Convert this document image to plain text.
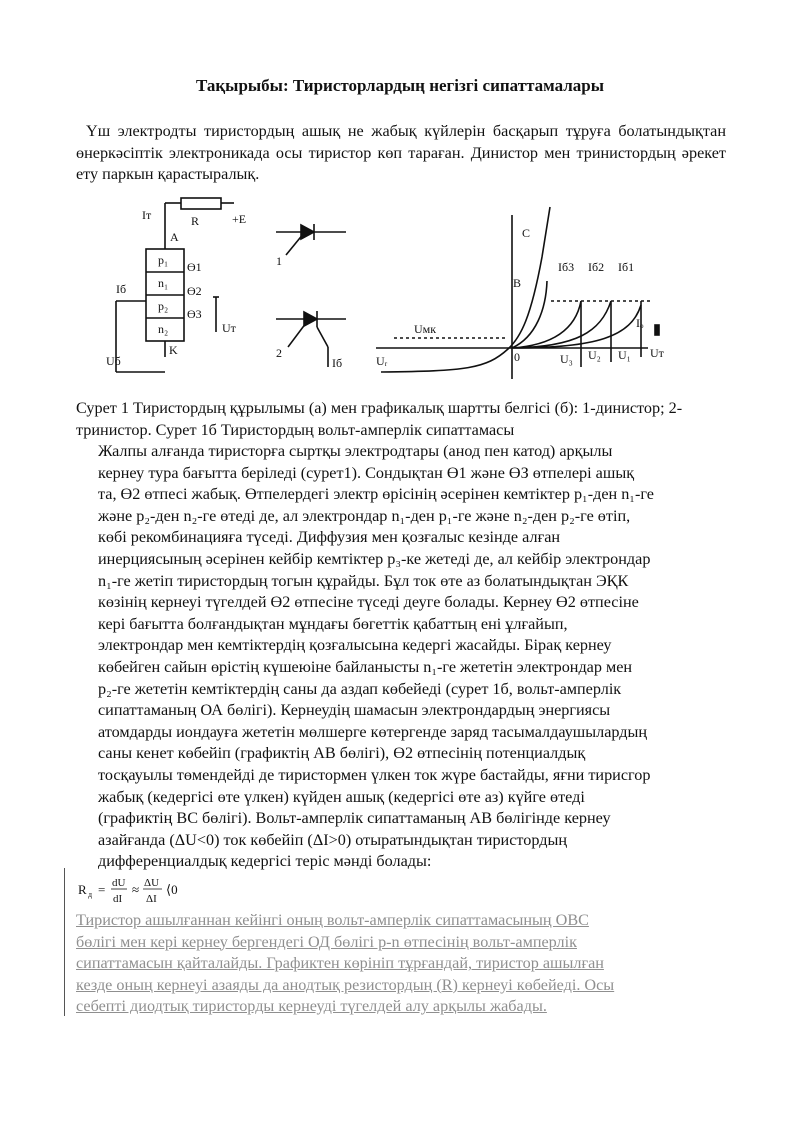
Тақырыбы: Тиристорлардың негізгі сипаттамалары
Үш электродты тиристордың ашық не жабық күйлерін басқарып тұруға болатындықтан өнеркәсіптік электроникада осы тиристор көп тараған. Динистор мен тринистордың әрекет ету паркын қарастыралық.
Iт	R	+E
A
p₁
n₁
p₂
n₂
Ө1
Ө2
Ө3
Uт
K
Iб
Uб
1
2
Iб
Uмк
C
B
Iб3 Iб2 Iб1
0	U₃ U₂ U₁
Uᵣ
Iₒ
Uт
Сурет 1 Тиристордың құрылымы (а) мен графикалық шартты белгісі (б): 1-динистор; 2-тринистор. Сурет 1б Тиристордың вольт-амперлік сипаттамасы
Жалпы алғанда тиристорға сыртқы электродтары (анод пен катод) арқылы
кернеу тура бағытта беріледі (сурет1). Сондықтан Ө1 және ӨЗ өтпелері ашық
та, Ө2 өтпесі жабық. Өтпелердегі электр өрісінің әсерінен кемтіктер p₁-ден n₁-ге
және p₂-ден n₂-ге өтеді де, ал электрондар n₁-ден p₁-ге және n₂-ден p₂-ге өтіп,
көбі рекомбинацияға түседі. Диффузия мен қозғалыс кезінде алған
инерциясының әсерінен кейбір кемтіктер p₃-ке жетеді де, ал кейбір электрондар
n₁-ге жетіп тиристордың тогын құрайды. Бұл ток өте аз болатындықтан ЭҚК
көзінің кернеуі түгелдей Ө2 өтпесіне түседі деуге болады. Кернеу Ө2 өтпесіне
кері бағытта болғандықтан мұндағы бөгеттік қабаттың ені ұлғайып,
электрондар мен кемтіктердің қозғалысына кедергі жасайды. Бірақ кернеу
көбейген сайын өрістің күшеюіне байланысты n₁-ге жететін электрондар мен
p₂-ге жететін кемтіктердің саны да аздап көбейеді (сурет 1б, вольт-амперлік
сипаттаманың ОА бөлігі). Кернеудің шамасын электрондардың энергиясы
атомдарды иондауға жететін мөлшерге көтергенде заряд тасымалдаушылардың
саны кенет көбейіп (графиктің АВ бөлігі), Ө2 өтпесінің потенциалдық
тосқауылы төмендейді де тиристормен үлкен ток жүре бастайды, яғни тирисгор
жабық (кедергісі өте үлкен) күйден ашық (кедергісі өте аз) күйге өтеді
(графиктің ВС бөлігі). Вольт-амперлік сипаттаманың АВ бөлігінде кернеу
азайғанда (ΔU<0) ток көбейіп (ΔI>0) отыратындықтан тиристордың
дифференциалдық кедергісі теріс мәнді болады:
R д = dU
dI
≈ ΔU
ΔI
⟨0
Тиристор ашылғаннан кейінгі оның вольт-амперлік сипаттамасының ОВС
бөлігі мен кері кернеу бергендегі ОД бөлігі p-n өтпесінің вольт-амперлік
сипаттамасын қайталайды. Графиктен көрініп тұрғандай, тиристор ашылған
кезде оның кернеуі азаяды да анодтық резистордың (R) кернеуі көбейеді. Осы
себепті диодтық тиристорды кернеуді түгелдей алу арқылы жабады.
